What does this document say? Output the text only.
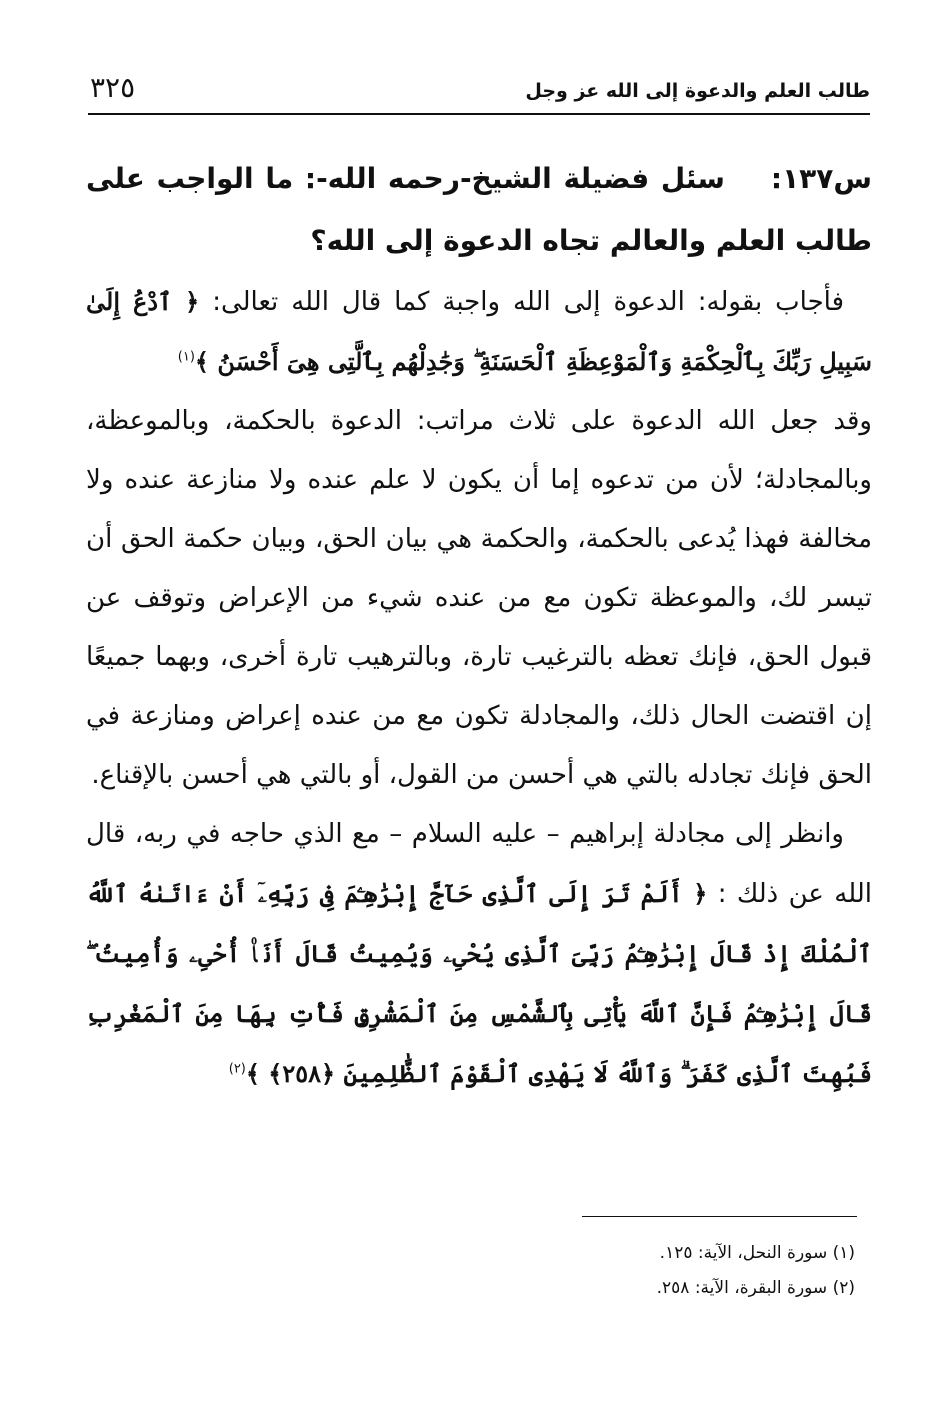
طالب العلم والدعوة إلى الله عز وجل
٣٢٥

س١٣٧:سئل فضيلة الشيخ-رحمه الله-: ما الواجب على طالب العلم والعالم تجاه الدعوة إلى الله؟

فأجاب بقوله: الدعوة إلى الله واجبة كما قال الله تعالى: ﴿ ٱدْعُ إِلَىٰ سَبِيلِ رَبِّكَ بِٱلْحِكْمَةِ وَٱلْمَوْعِظَةِ ٱلْحَسَنَةِ ۖ وَجَٰدِلْهُم بِٱلَّتِى هِىَ أَحْسَنُ ﴾$^{(١)}$

وقد جعل الله الدعوة على ثلاث مراتب: الدعوة بالحكمة، وبالموعظة، وبالمجادلة؛ لأن من تدعوه إما أن يكون لا علم عنده ولا منازعة عنده ولا مخالفة فهذا يُدعى بالحكمة، والحكمة هي بيان الحق، وبيان حكمة الحق أن تيسر لك، والموعظة تكون مع من عنده شيء من الإعراض وتوقف عن قبول الحق، فإنك تعظه بالترغيب تارة، وبالترهيب تارة أخرى، وبهما جميعًا إن اقتضت الحال ذلك، والمجادلة تكون مع من عنده إعراض ومنازعة في الحق فإنك تجادله بالتي هي أحسن من القول، أو بالتي هي أحسن بالإقناع.

وانظر إلى مجادلة إبراهيم – عليه السلام – مع الذي حاجه في ربه، قال الله عن ذلك : ﴿ أَلَمْ تَرَ إِلَى ٱلَّذِى حَآجَّ إِبْرَٰهِـۧمَ فِى رَبِّهِۦٓ أَنْ ءَاتَىٰهُ ٱللَّهُ ٱلْمُلْكَ إِذْ قَالَ إِبْرَٰهِـۧمُ رَبِّىَ ٱلَّذِى يُحْىِۦ وَيُمِيتُ قَالَ أَنَا۠ أُحْىِۦ وَأُمِيتُ ۖ قَالَ إِبْرَٰهِـۧمُ فَإِنَّ ٱللَّهَ يَأْتِى بِٱلشَّمْسِ مِنَ ٱلْمَشْرِقِ فَأْتِ بِهَا مِنَ ٱلْمَغْرِبِ فَبُهِتَ ٱلَّذِى كَفَرَ ۗ وَٱللَّهُ لَا يَهْدِى ٱلْقَوْمَ ٱلظَّٰلِمِينَ ﴿٢٥٨﴾ ﴾$^{(٢)}$

(١) سورة النحل، الآية: ١٢٥.

(٢) سورة البقرة، الآية: ٢٥٨.
